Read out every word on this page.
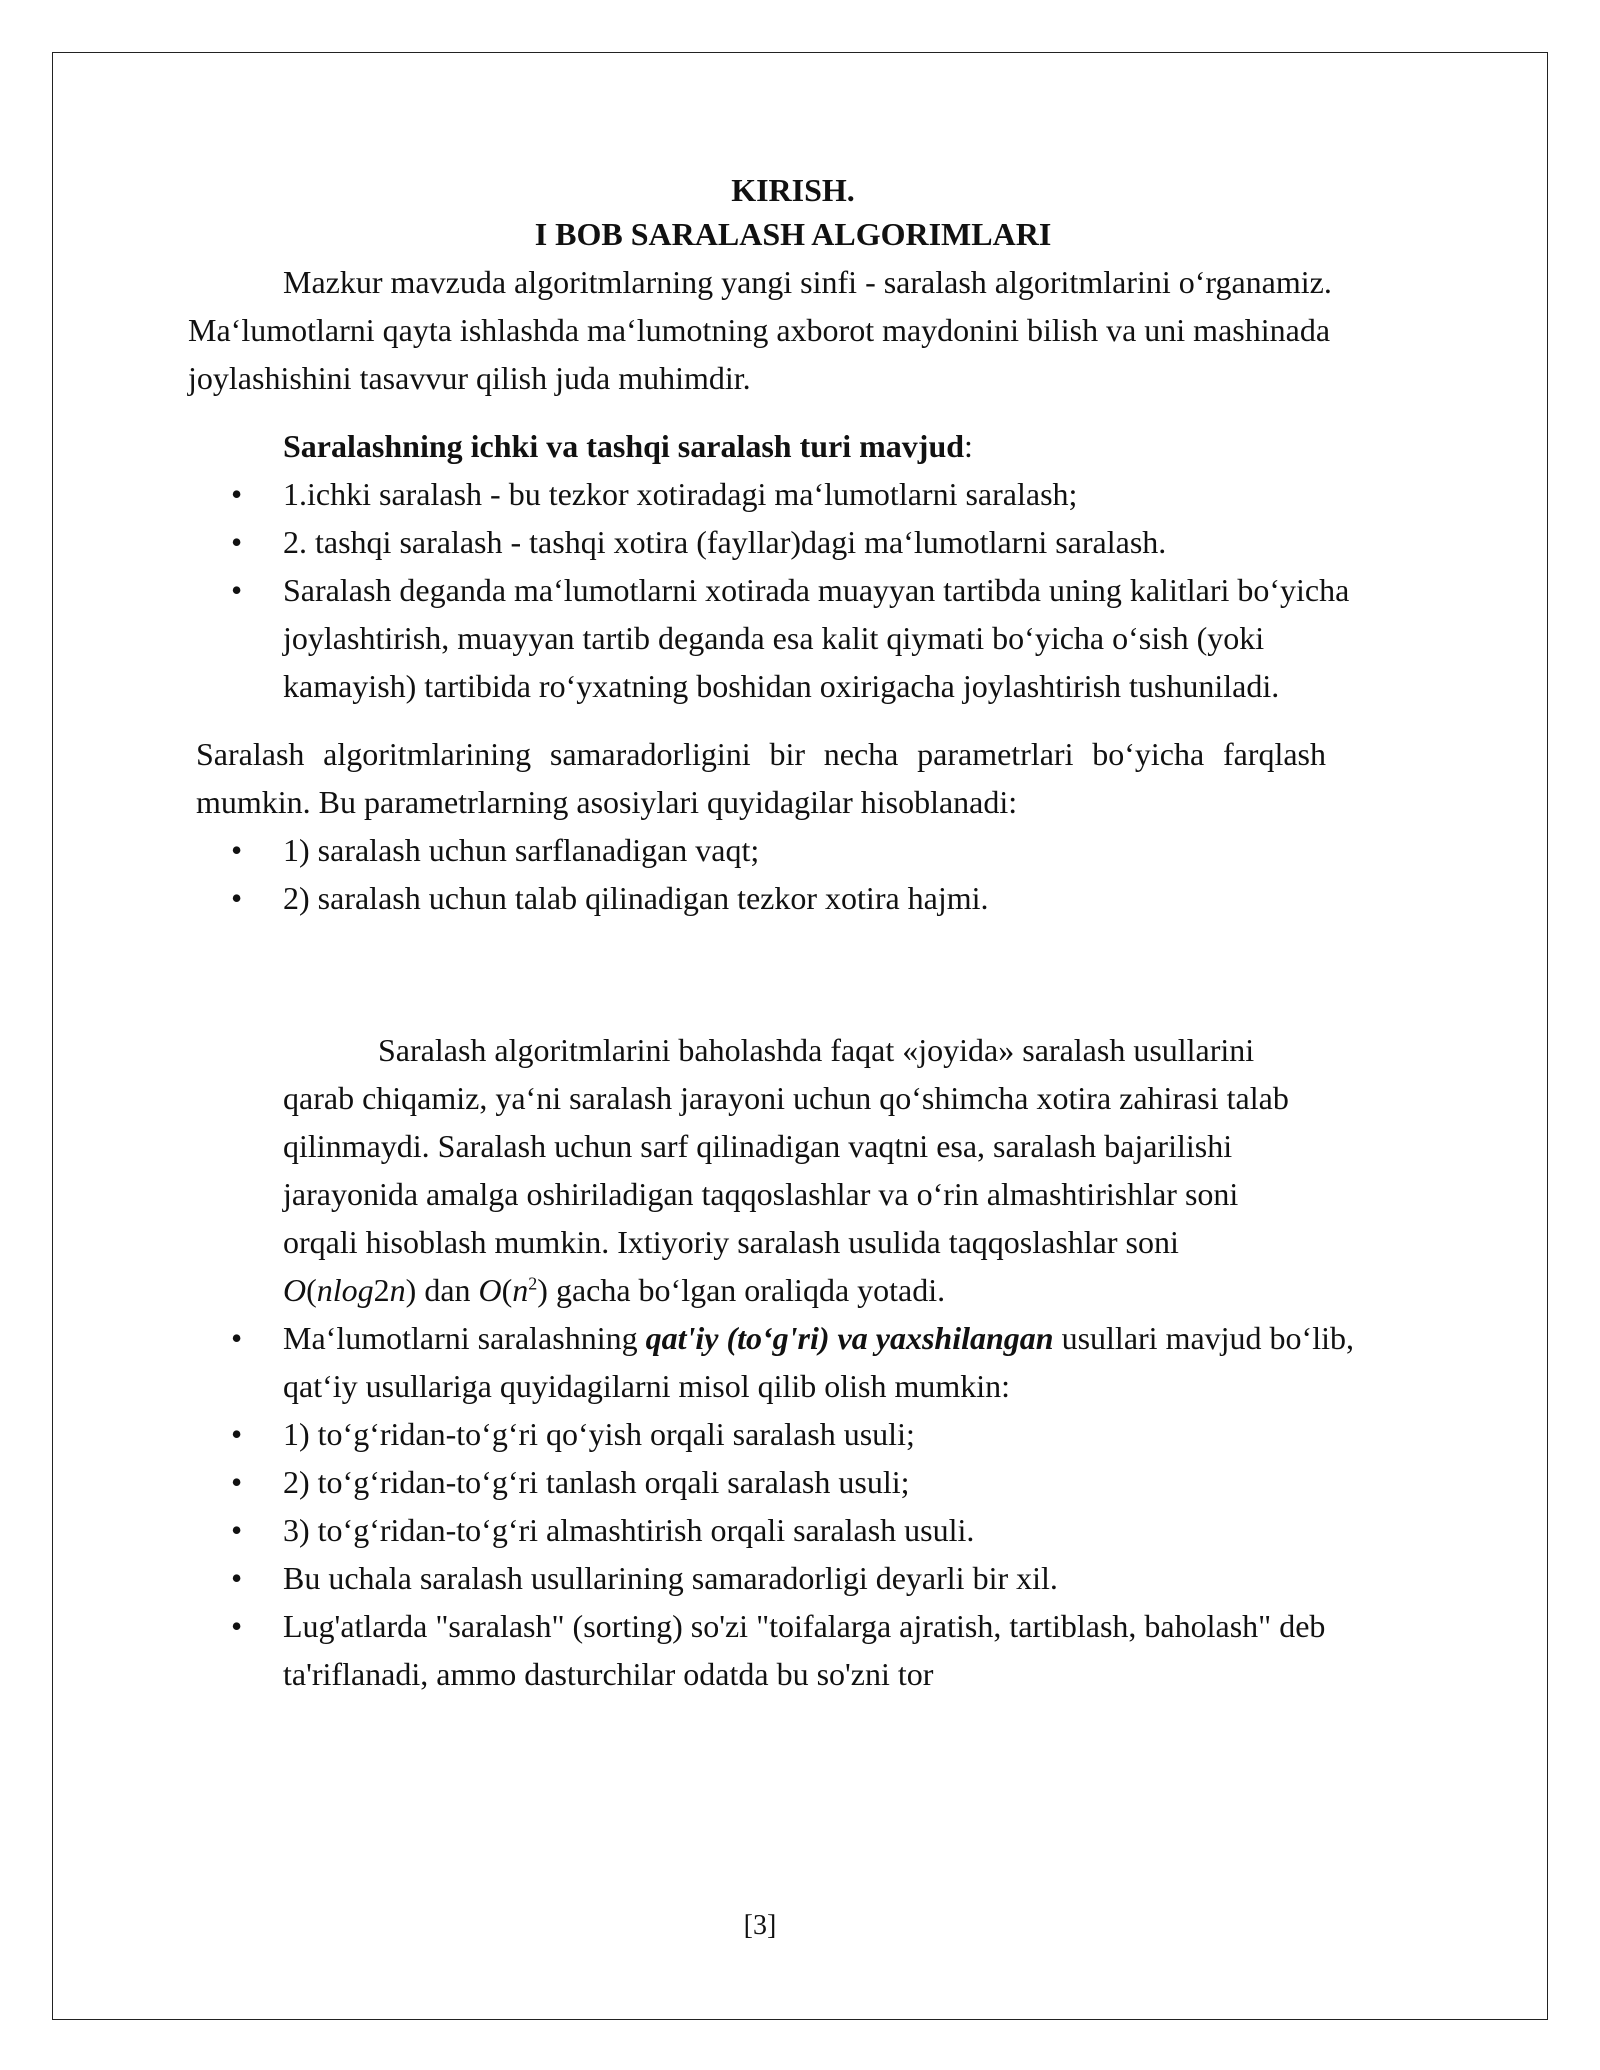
KIRISH.

I BOB SARALASH ALGORIMLARI

Mazkur mavzuda algoritmlarning yangi sinfi - saralash algoritmlarini o‘rganamiz. Ma‘lumotlarni qayta ishlashda ma‘lumotning axborot maydonini bilish va uni mashinada joylashishini tasavvur qilish juda muhimdir.

Saralashning ichki va tashqi saralash turi mavjud:

• 1.ichki saralash - bu tezkor xotiradagi ma‘lumotlarni saralash;
• 2. tashqi saralash - tashqi xotira (fayllar)dagi ma‘lumotlarni saralash.
• Saralash deganda ma‘lumotlarni xotirada muayyan tartibda uning kalitlari bo‘yicha joylashtirish, muayyan tartib deganda esa kalit qiymati bo‘yicha o‘sish (yoki kamayish) tartibida ro‘yxatning boshidan oxirigacha joylashtirish tushuniladi.

Saralash algoritmlarining samaradorligini bir necha parametrlari bo‘yicha farqlash mumkin. Bu parametrlarning asosiylari quyidagilar hisoblanadi:

• 1) saralash uchun sarflanadigan vaqt;
• 2) saralash uchun talab qilinadigan tezkor xotira hajmi.

Saralash algoritmlarini baholashda faqat «joyida» saralash usullarini qarab chiqamiz, ya‘ni saralash jarayoni uchun qo‘shimcha xotira zahirasi talab qilinmaydi. Saralash uchun sarf qilinadigan vaqtni esa, saralash bajarilishi jarayonida amalga oshiriladigan taqqoslashlar va o‘rin almashtirishlar soni orqali hisoblash mumkin. Ixtiyoriy saralash usulida taqqoslashlar soni O(nlog2n) dan $O(n^2)$ gacha bo‘lgan oraliqda yotadi.

• Ma‘lumotlarni saralashning qat'iy (to‘g'ri) va yaxshilangan usullari mavjud bo‘lib, qat‘iy usullariga quyidagilarni misol qilib olish mumkin:
• 1) to‘g‘ridan-to‘g‘ri qo‘yish orqali saralash usuli;
• 2) to‘g‘ridan-to‘g‘ri tanlash orqali saralash usuli;
• 3) to‘g‘ridan-to‘g‘ri almashtirish orqali saralash usuli.
• Bu uchala saralash usullarining samaradorligi deyarli bir xil.
• Lug'atlarda "saralash" (sorting) so'zi "toifalarga ajratish, tartiblash, baholash" deb ta'riflanadi, ammo dasturchilar odatda bu so'zni tor
[3]
